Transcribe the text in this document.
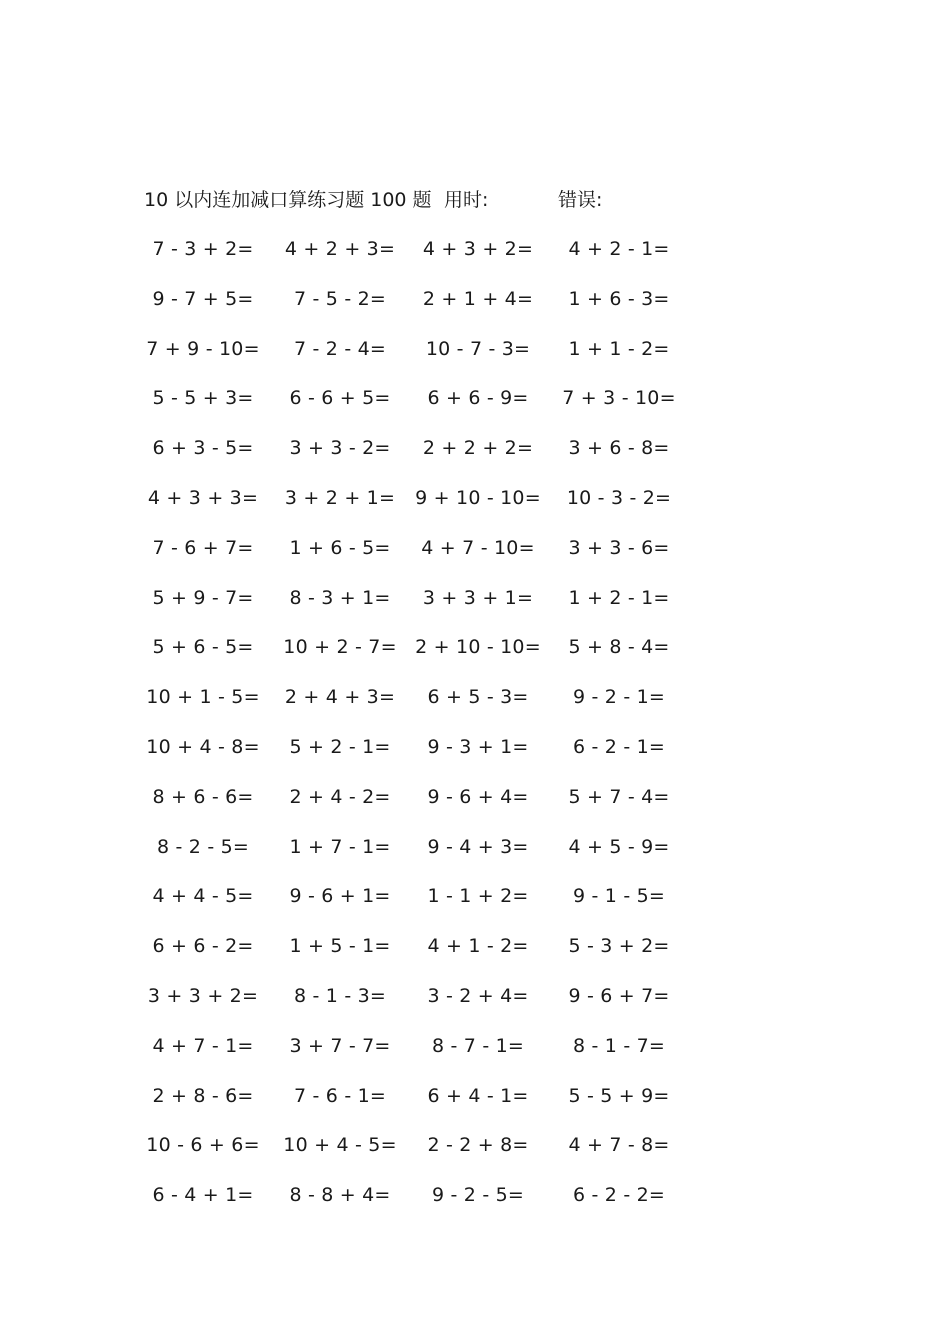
10 以内连加减口算练习题 100 题 用时:	错误:
7 - 3 + 2= 4 + 2 + 3= 4 + 3 + 2= 4 + 2 - 1=
9 - 7 + 5= 7 - 5 - 2= 2 + 1 + 4= 1 + 6 - 3=
7 + 9 - 10= 7 - 2 - 4= 10 - 7 - 3= 1 + 1 - 2=
5 - 5 + 3= 6 - 6 + 5= 6 + 6 - 9= 7 + 3 - 10=
6 + 3 - 5= 3 + 3 - 2= 2 + 2 + 2= 3 + 6 - 8=
4 + 3 + 3= 3 + 2 + 1= 9 + 10 - 10= 10 - 3 - 2=
7 - 6 + 7= 1 + 6 - 5= 4 + 7 - 10= 3 + 3 - 6=
5 + 9 - 7= 8 - 3 + 1= 3 + 3 + 1= 1 + 2 - 1=
5 + 6 - 5= 10 + 2 - 7= 2 + 10 - 10= 5 + 8 - 4=
10 + 1 - 5= 2 + 4 + 3= 6 + 5 - 3= 9 - 2 - 1=
10 + 4 - 8= 5 + 2 - 1= 9 - 3 + 1= 6 - 2 - 1=
8 + 6 - 6= 2 + 4 - 2= 9 - 6 + 4= 5 + 7 - 4=
8 - 2 - 5= 1 + 7 - 1= 9 - 4 + 3= 4 + 5 - 9=
4 + 4 - 5= 9 - 6 + 1= 1 - 1 + 2= 9 - 1 - 5=
6 + 6 - 2= 1 + 5 - 1= 4 + 1 - 2= 5 - 3 + 2=
3 + 3 + 2= 8 - 1 - 3= 3 - 2 + 4= 9 - 6 + 7=
4 + 7 - 1= 3 + 7 - 7= 8 - 7 - 1=	8 - 1 - 7=
2 + 8 - 6= 7 - 6 - 1= 6 + 4 - 1= 5 - 5 + 9=
10 - 6 + 6= 10 + 4 - 5= 2 - 2 + 8= 4 + 7 - 8=
6 - 4 + 1= 8 - 8 + 4= 9 - 2 - 5=	6 - 2 - 2=
